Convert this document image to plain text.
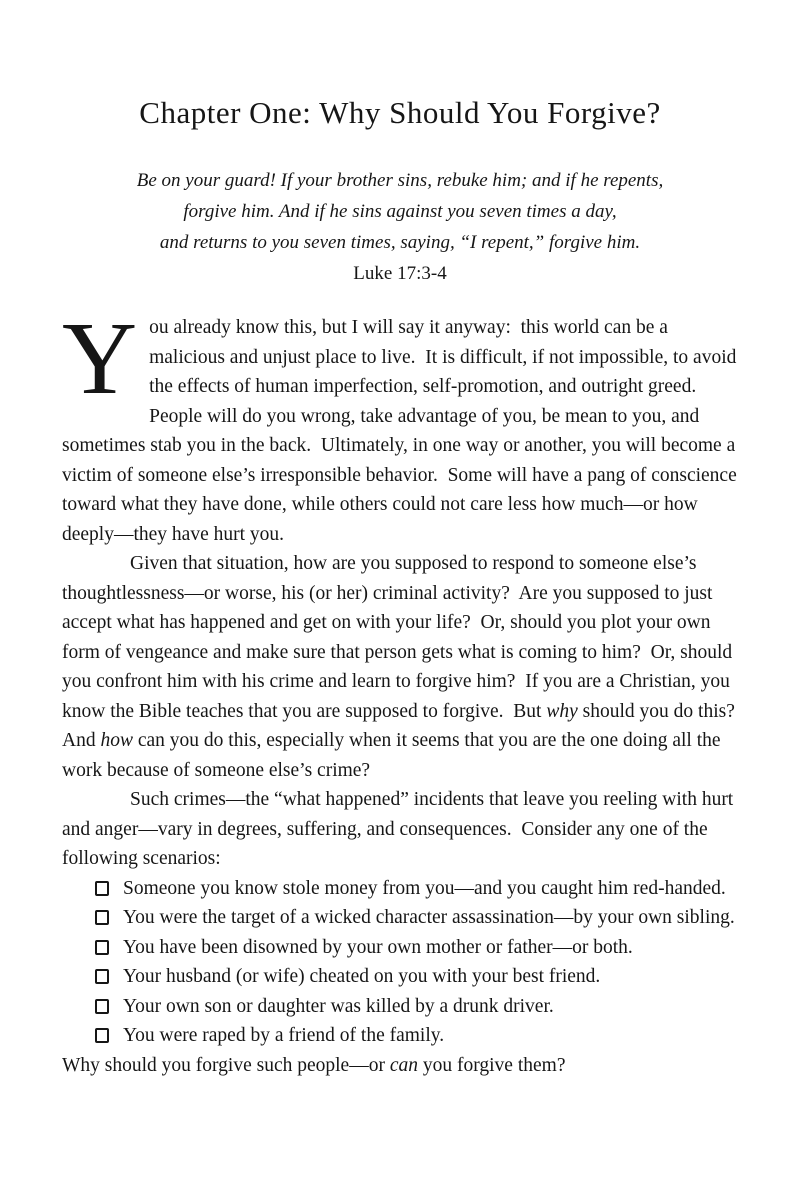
Chapter One: Why Should You Forgive?
Be on your guard! If your brother sins, rebuke him; and if he repents,
forgive him. And if he sins against you seven times a day,
and returns to you seven times, saying, “I repent,” forgive him.
Luke 17:3-4

You already know this, but I will say it anyway:  this world can be a malicious and unjust place to live.  It is difficult, if not impossible, to avoid the effects of human imperfection, self-promotion, and outright greed.  People will do you wrong, take advantage of you, be mean to you, and sometimes stab you in the back.  Ultimately, in one way or another, you will become a victim of someone else’s irresponsible behavior.  Some will have a pang of conscience toward what they have done, while others could not care less how much—or how deeply—they have hurt you.

Given that situation, how are you supposed to respond to someone else’s thoughtlessness—or worse, his (or her) criminal activity?  Are you supposed to just accept what has happened and get on with your life?  Or, should you plot your own form of vengeance and make sure that person gets what is coming to him?  Or, should you confront him with his crime and learn to forgive him?  If you are a Christian, you know the Bible teaches that you are supposed to forgive.  But why should you do this?  And how can you do this, especially when it seems that you are the one doing all the work because of someone else’s crime?

Such crimes—the “what happened” incidents that leave you reeling with hurt and anger—vary in degrees, suffering, and consequences.  Consider any one of the following scenarios:

Someone you know stole money from you—and you caught him red-handed.
You were the target of a wicked character assassination—by your own sibling.
You have been disowned by your own mother or father—or both.
Your husband (or wife) cheated on you with your best friend.
Your own son or daughter was killed by a drunk driver.
You were raped by a friend of the family.

Why should you forgive such people—or can you forgive them?
